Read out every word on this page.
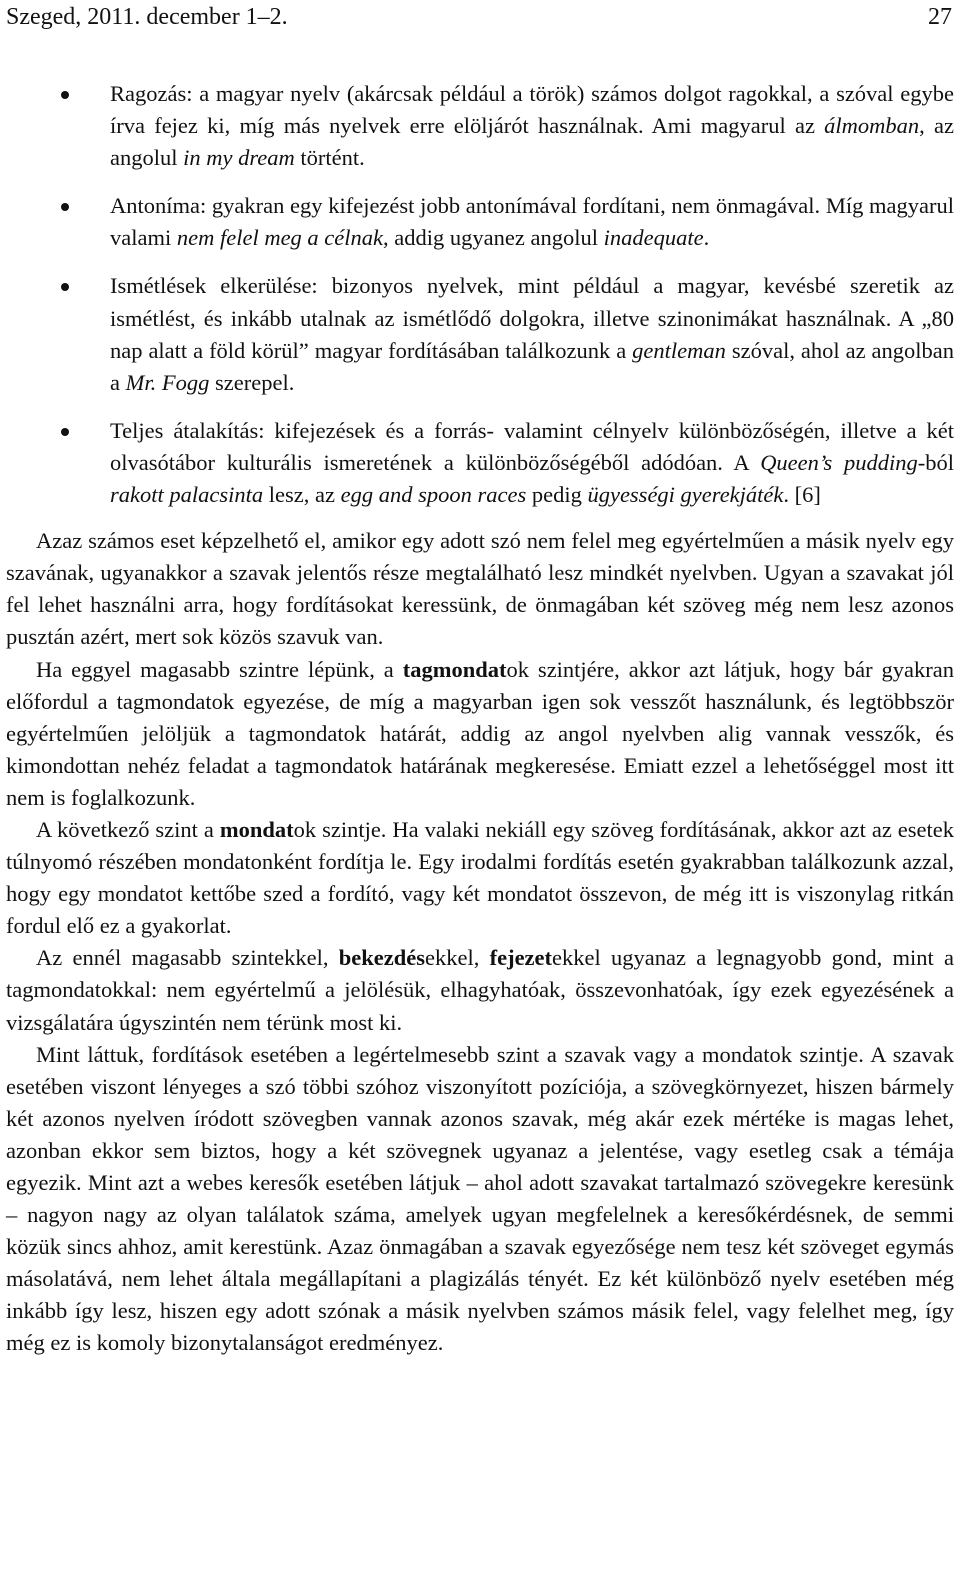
Szeged, 2011. december 1–2.	27
Ragozás: a magyar nyelv (akárcsak például a török) számos dolgot ragokkal, a szóval egybe írva fejez ki, míg más nyelvek erre elöljárót használnak. Ami magyarul az álmomban, az angolul in my dream történt.
Antoníma: gyakran egy kifejezést jobb antonímával fordítani, nem önmagával. Míg magyarul valami nem felel meg a célnak, addig ugyanez angolul inadequate.
Ismétlések elkerülése: bizonyos nyelvek, mint például a magyar, kevésbé szeretik az ismétlést, és inkább utalnak az ismétlődő dolgokra, illetve szinonimákat használnak. A „80 nap alatt a föld körül” magyar fordításában találkozunk a gentleman szóval, ahol az angolban a Mr. Fogg szerepel.
Teljes átalakítás: kifejezések és a forrás- valamint célnyelv különbözőségén, illetve a két olvasótábor kulturális ismeretének a különbözőségéből adódóan. A Queen’s pudding-ból rakott palacsinta lesz, az egg and spoon races pedig ügyességi gyerekjáték. [6]

Azaz számos eset képzelhető el, amikor egy adott szó nem felel meg egyértelműen a másik nyelv egy szavának, ugyanakkor a szavak jelentős része megtalálható lesz mindkét nyelvben. Ugyan a szavakat jól fel lehet használni arra, hogy fordításokat keressünk, de önmagában két szöveg még nem lesz azonos pusztán azért, mert sok közös szavuk van.

Ha eggyel magasabb szintre lépünk, a tagmondatok szintjére, akkor azt látjuk, hogy bár gyakran előfordul a tagmondatok egyezése, de míg a magyarban igen sok vesszőt használunk, és legtöbbször egyértelműen jelöljük a tagmondatok határát, addig az angol nyelvben alig vannak vesszők, és kimondottan nehéz feladat a tagmondatok határának megkeresése. Emiatt ezzel a lehetőséggel most itt nem is foglalkozunk.

A következő szint a mondatok szintje. Ha valaki nekiáll egy szöveg fordításának, akkor azt az esetek túlnyomó részében mondatonként fordítja le. Egy irodalmi fordítás esetén gyakrabban találkozunk azzal, hogy egy mondatot kettőbe szed a fordító, vagy két mondatot összevon, de még itt is viszonylag ritkán fordul elő ez a gyakorlat.

Az ennél magasabb szintekkel, bekezdésekkel, fejezetekkel ugyanaz a legnagyobb gond, mint a tagmondatokkal: nem egyértelmű a jelölésük, elhagyhatóak, összevonhatóak, így ezek egyezésének a vizsgálatára úgyszintén nem térünk most ki.

Mint láttuk, fordítások esetében a legértelmesebb szint a szavak vagy a mondatok szintje. A szavak esetében viszont lényeges a szó többi szóhoz viszonyított pozíciója, a szövegkörnyezet, hiszen bármely két azonos nyelven íródott szövegben vannak azonos szavak, még akár ezek mértéke is magas lehet, azonban ekkor sem biztos, hogy a két szövegnek ugyanaz a jelentése, vagy esetleg csak a témája egyezik. Mint azt a webes keresők esetében látjuk – ahol adott szavakat tartalmazó szövegekre keresünk – nagyon nagy az olyan találatok száma, amelyek ugyan megfelelnek a keresőkérdésnek, de semmi közük sincs ahhoz, amit kerestünk. Azaz önmagában a szavak egyezősége nem tesz két szöveget egymás másolatává, nem lehet általa megállapítani a plagizálás tényét. Ez két különböző nyelv esetében még inkább így lesz, hiszen egy adott szónak a másik nyelvben számos másik felel, vagy felelhet meg, így még ez is komoly bizonytalanságot eredményez.
